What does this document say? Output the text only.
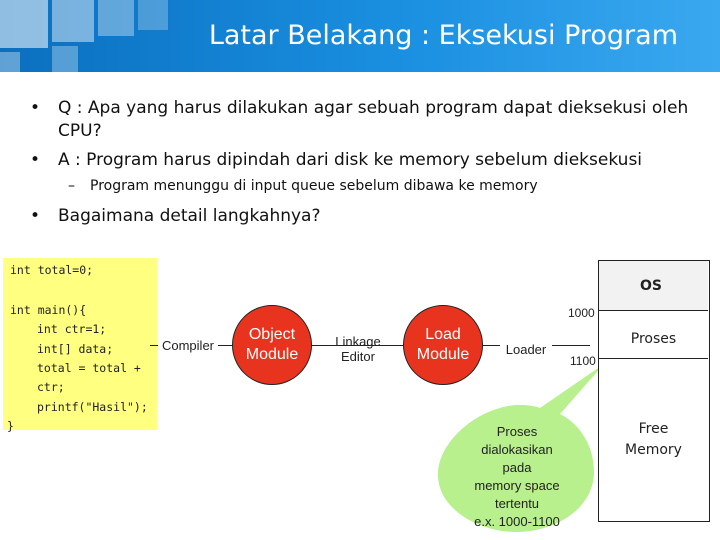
Latar Belakang : Eksekusi Program
• Q : Apa yang harus dilakukan agar sebuah program dapat dieksekusi oleh CPU?
• A : Program harus dipindah dari disk ke memory sebelum dieksekusi
– Program menunggu di input queue sebelum dibawa ke memory
• Bagaimana detail langkahnya?
int total=0;
int main(){
int ctr=1;
int[] data;
total = total +
ctr;
printf("Hasil");
}
Compiler
Object
Module
Linkage
Editor
Load
Module	Loader
Proses
dialokasikan
pada
memory space
tertentu
e.x. 1000-1100
OS
Proses
Free
Memory
1000
1100
